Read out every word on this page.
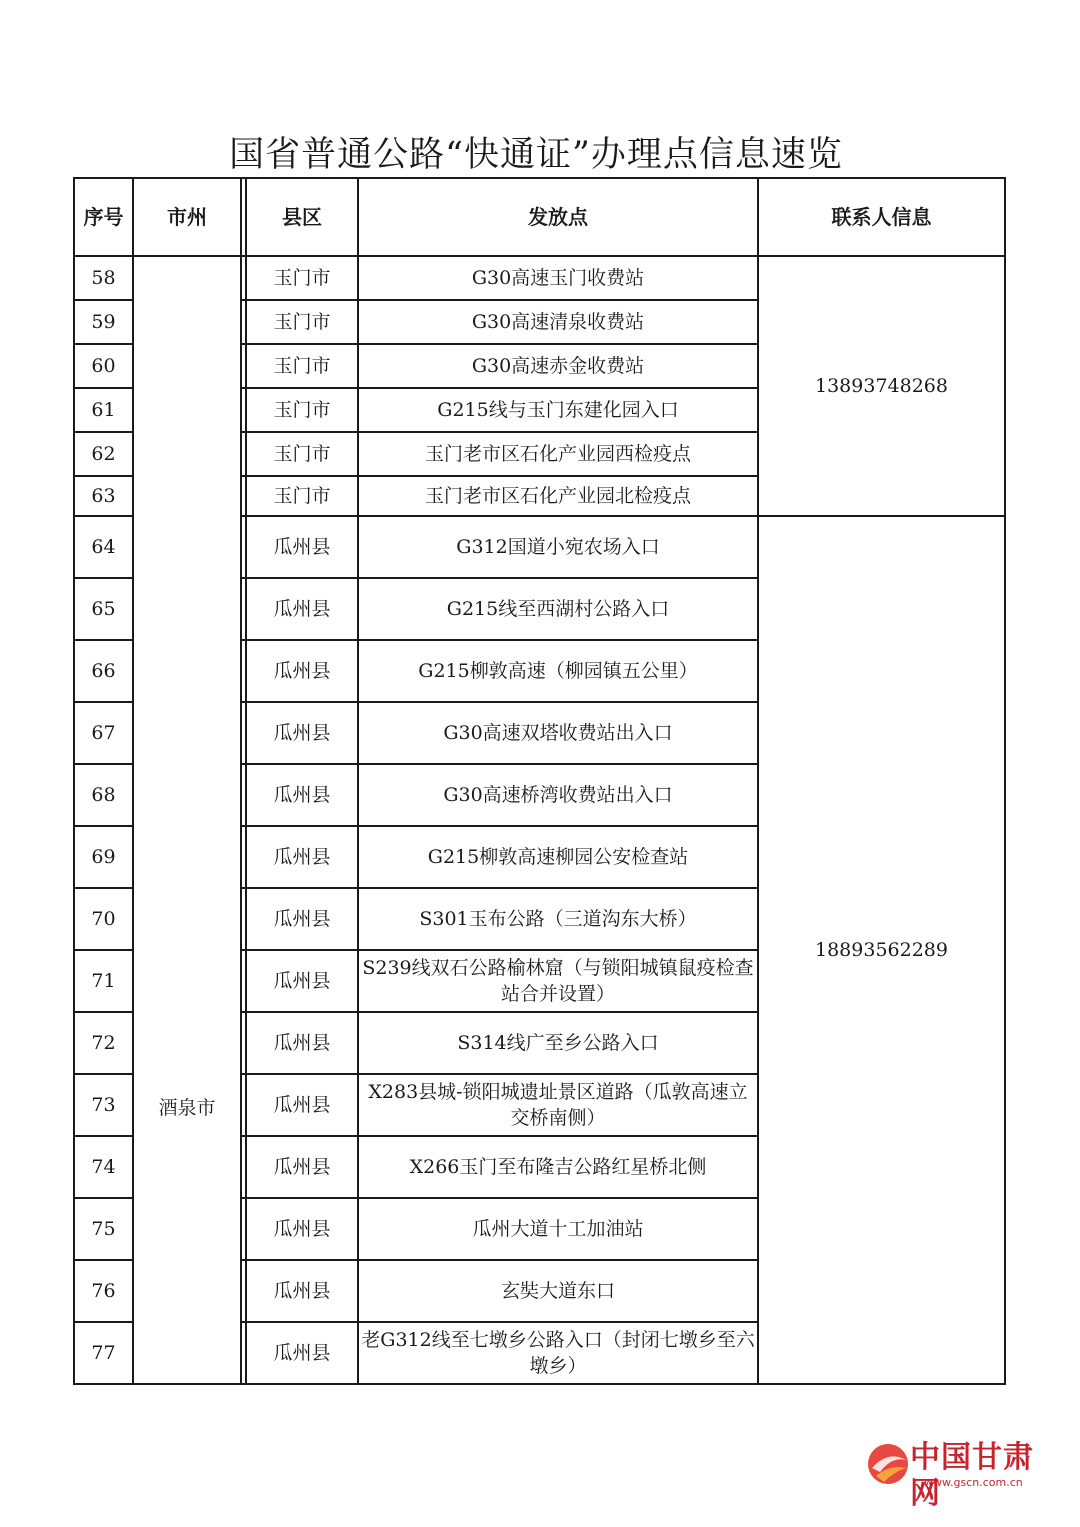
国省普通公路“快通证”办理点信息速览
序号	市州		县区	发放点	联系人信息
58	酒泉市		玉门市	G30高速玉门收费站	13893748268
59			玉门市	G30高速清泉收费站	
60			玉门市	G30高速赤金收费站	
61			玉门市	G215线与玉门东建化园入口	
62			玉门市	玉门老市区石化产业园西检疫点	
63			玉门市	玉门老市区石化产业园北检疫点	
64			瓜州县	G312国道小宛农场入口	18893562289
65			瓜州县	G215线至西湖村公路入口	
66			瓜州县	G215柳敦高速（柳园镇五公里）	
67			瓜州县	G30高速双塔收费站出入口	
68			瓜州县	G30高速桥湾收费站出入口	
69			瓜州县	G215柳敦高速柳园公安检查站	
70			瓜州县	S301玉布公路（三道沟东大桥）	
71			瓜州县	S239线双石公路榆林窟（与锁阳城镇鼠疫检查站合并设置）	
72			瓜州县	S314线广至乡公路入口	
73			瓜州县	X283县城-锁阳城遗址景区道路（瓜敦高速立交桥南侧）	
74			瓜州县	X266玉门至布隆吉公路红星桥北侧	
75			瓜州县	瓜州大道十工加油站	
76			瓜州县	玄奘大道东口	
77			瓜州县	老G312线至七墩乡公路入口（封闭七墩乡至六墩乡）	
中国甘肃网
www.gscn.com.cn
